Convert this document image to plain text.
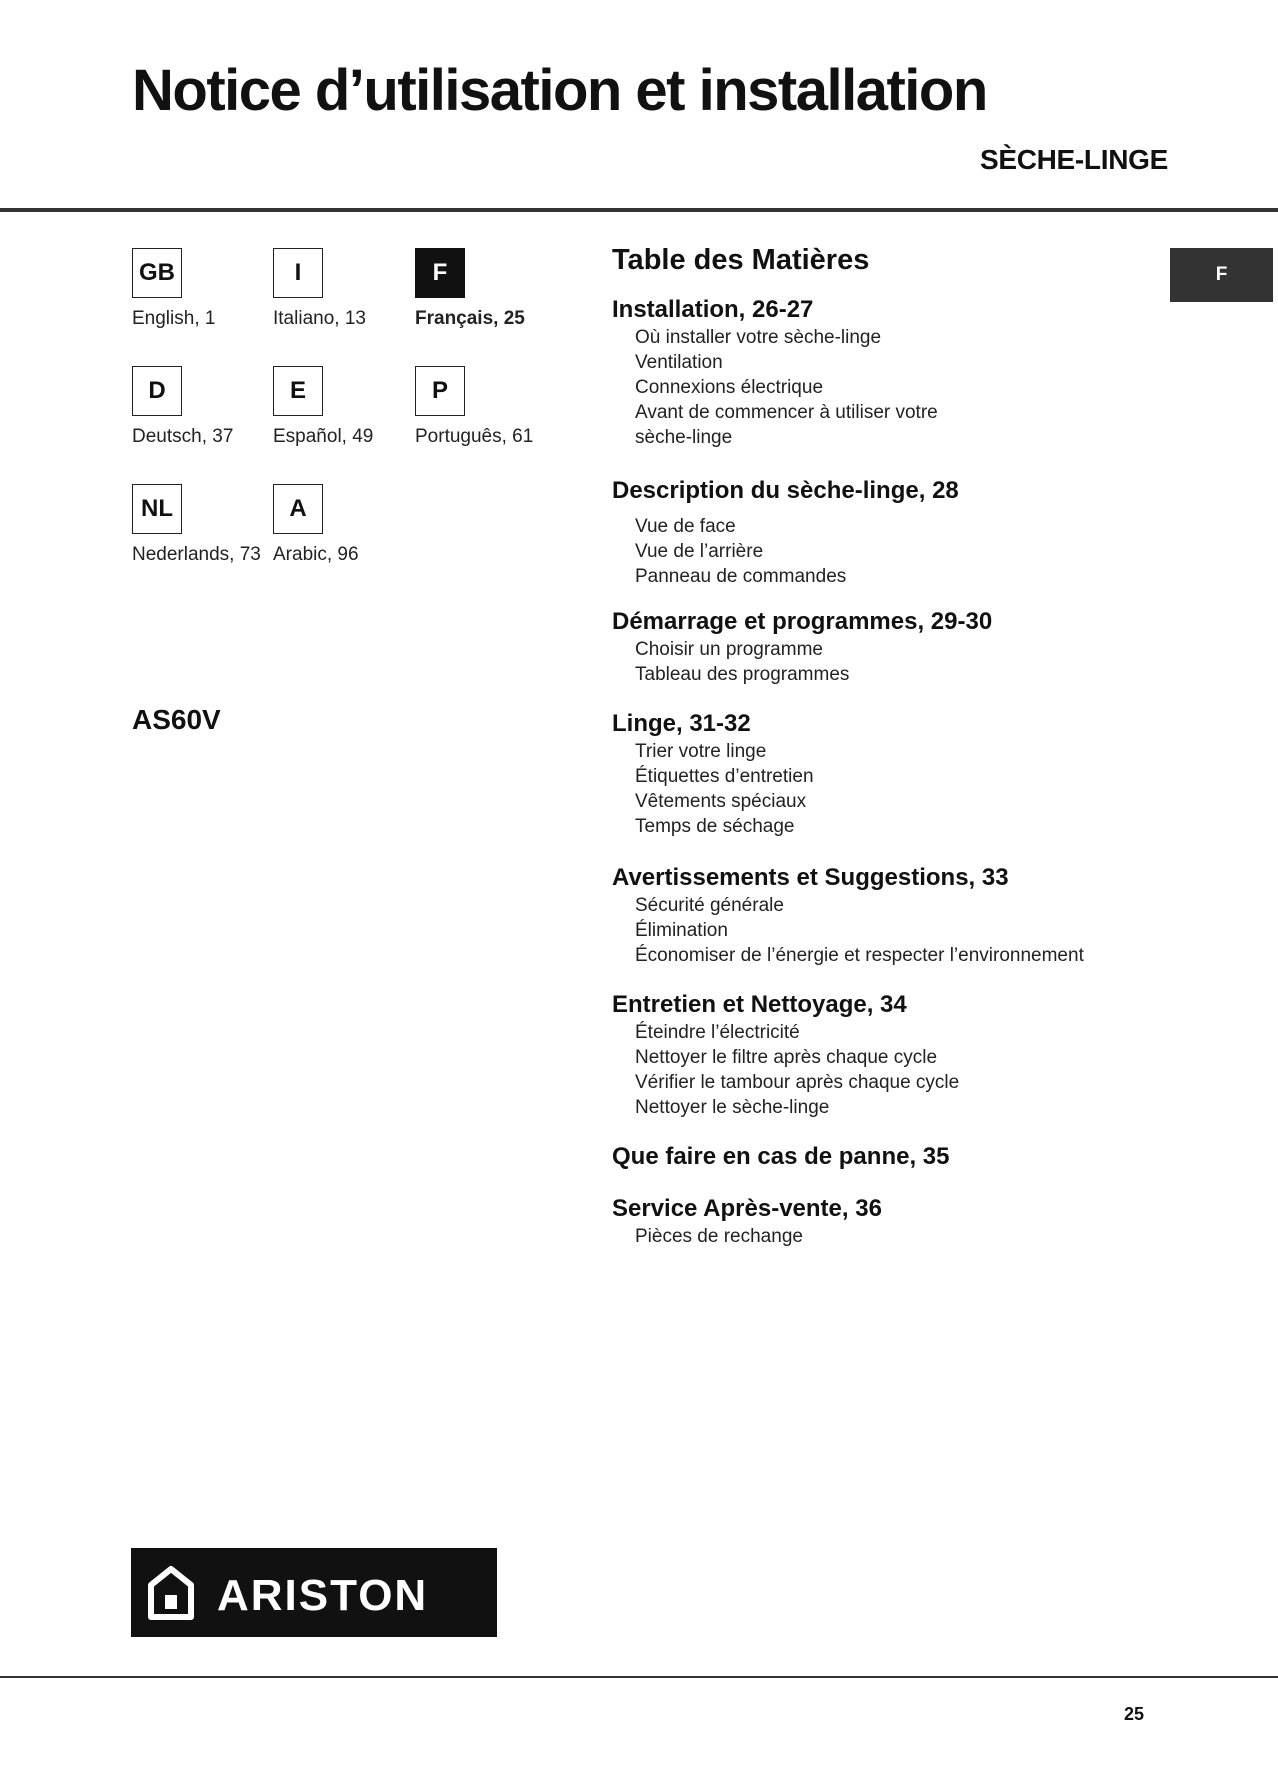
Notice d’utilisation et installation
SÈCHE-LINGE
GB
English, 1
I
Italiano, 13
F
Français, 25
D
Deutsch, 37
E
Español, 49
P
Português, 61
NL
Nederlands, 73
A
Arabic, 96
AS60V
F
Table des Matières
Installation, 26-27
Où installer votre sèche-linge
Ventilation
Connexions électrique
Avant de commencer à utiliser votre
sèche-linge
Description du sèche-linge, 28
Vue de face
Vue de l’arrière
Panneau de commandes
Démarrage et programmes, 29-30
Choisir un programme
Tableau des programmes
Linge, 31-32
Trier votre linge
Étiquettes d’entretien
Vêtements spéciaux
Temps de séchage
Avertissements et Suggestions, 33
Sécurité générale
Élimination
Économiser de l’énergie et respecter l’environnement
Entretien et Nettoyage, 34
Éteindre l’électricité
Nettoyer le filtre après chaque cycle
Vérifier le tambour après chaque cycle
Nettoyer le sèche-linge
Que faire en cas de panne, 35
Service Après-vente, 36
Pièces de rechange
ARISTON
25
